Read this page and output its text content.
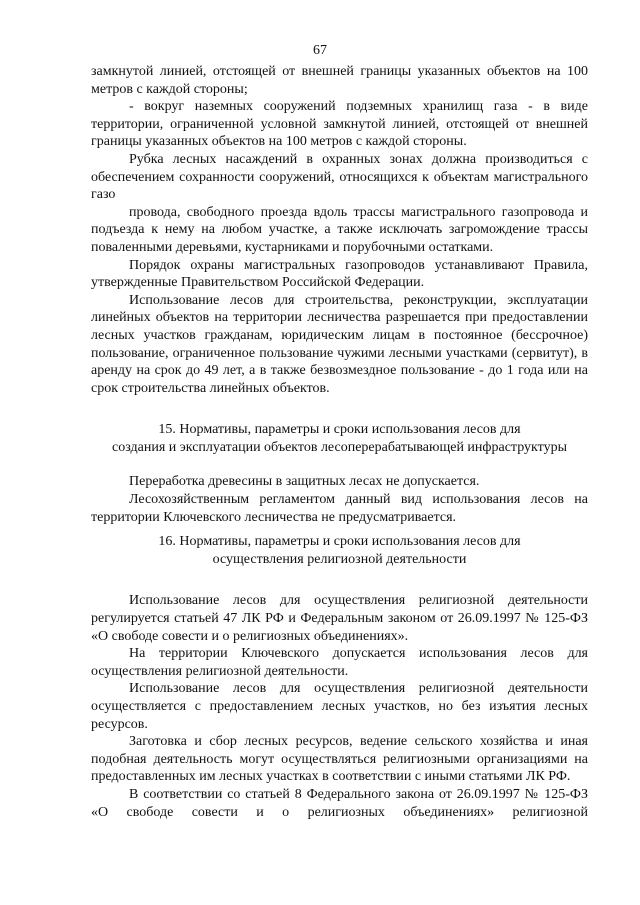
67

замкнутой линией, отстоящей от внешней границы указанных объектов на 100 метров с каждой стороны;

- вокруг наземных сооружений подземных хранилищ газа - в виде территории, ограниченной условной замкнутой линией, отстоящей от внешней границы указанных объектов на 100 метров с каждой стороны.

Рубка лесных насаждений в охранных зонах должна производиться с обеспечением сохранности сооружений, относящихся к объектам магистрального газо

провода, свободного проезда вдоль трассы магистрального газопровода и подъезда к нему на любом участке, а также исключать загромождение трассы поваленными деревьями, кустарниками и порубочными остатками.

Порядок охраны магистральных газопроводов устанавливают Правила, утвержденные Правительством Российской Федерации.

Использование лесов для строительства, реконструкции, эксплуатации линейных объектов на территории лесничества разрешается при предоставлении лесных участков гражданам, юридическим лицам в постоянное (бессрочное) пользование, ограниченное пользование чужими лесными участками (сервитут), в аренду на срок до 49 лет, а в также безвозмездное пользование - до 1 года или на срок строительства линейных объектов.

15. Нормативы, параметры и сроки использования лесов для

создания и эксплуатации объектов лесоперерабатывающей инфраструктуры

Переработка древесины в защитных лесах не допускается.

Лесохозяйственным регламентом данный вид использования лесов на территории Ключевского лесничества не предусматривается.

16. Нормативы, параметры и сроки использования лесов для

осуществления религиозной деятельности

Использование лесов для осуществления религиозной деятельности регулируется статьей 47 ЛК РФ и Федеральным законом от 26.09.1997 № 125-ФЗ «О свободе совести и о религиозных объединениях».

На территории Ключевского допускается использования лесов для осуществления религиозной деятельности.

Использование лесов для осуществления религиозной деятельности осуществляется с предоставлением лесных участков, но без изъятия лесных ресурсов.

Заготовка и сбор лесных ресурсов, ведение сельского хозяйства и иная подобная деятельность могут осуществляться религиозными организациями на предоставленных им лесных участках в соответствии с иными статьями ЛК РФ.

В соответствии со статьей 8 Федерального закона от 26.09.1997 № 125-ФЗ «О свободе совести и о религиозных объединениях» религиозной
